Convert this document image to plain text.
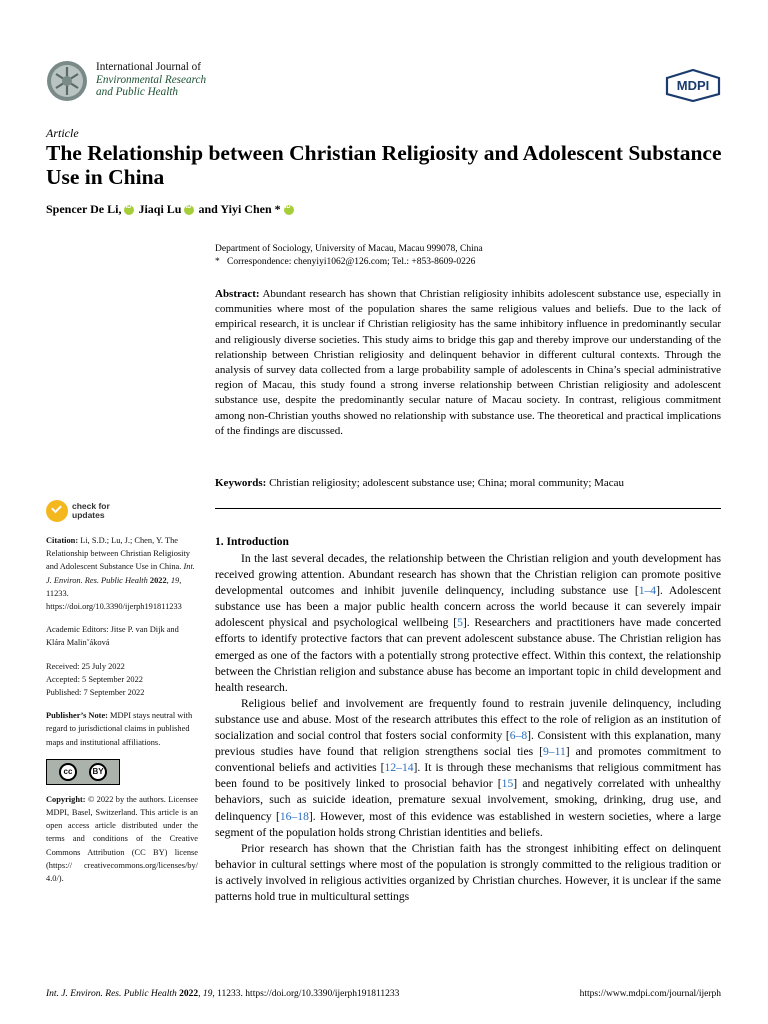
International Journal of
Environmental Research
and Public Health	MDPI
Article
The Relationship between Christian Religiosity and Adolescent Substance Use in China
Spencer De Li , iD Jiaqi Lu iD and Yiyi Chen *
iD
Department of Sociology, University of Macau, Macau 999078, China
* Correspondence: chenyiyi1062@126.com; Tel.: +853-8609-0226
Abstract: Abundant research has shown that Christian religiosity inhibits adolescent substance use, especially in communities where most of the population shares the same religious values and beliefs. Due to the lack of empirical research, it is unclear if Christian religiosity has the same inhibitory influence in predominantly secular and religiously diverse societies. This study aims to bridge this gap and thereby improve our understanding of the relationship between Christian religiosity and delinquent behavior in different cultural contexts. Through the analysis of survey data collected from a large probability sample of adolescents in China’s special administrative region of Macau, this study found a strong inverse relationship between Christian religiosity and adolescent substance use, despite the predominantly secular nature of Macau society. In contrast, religious commitment among non-Christian youths showed no relationship with substance use. The theoretical and practical implications of the findings are discussed.
Keywords: Christian religiosity; adolescent substance use; China; moral community; Macau
check for
updates
Citation: Li, S.D.; Lu, J.; Chen, Y. The Relationship between Christian Religiosity and Adolescent Substance Use in China. Int. J. Environ. Res. Public Health 2022, 19, 11233. https://doi.org/10.3390/ijerph191811233
Academic Editors: Jitse P. van Dijk and Klára Malinˇáková
Received: 25 July 2022
Accepted: 5 September 2022
Published: 7 September 2022
Publisher’s Note: MDPI stays neutral with regard to jurisdictional claims in published maps and institutional affiliations.
cc	BY
Copyright: © 2022 by the authors. Licensee MDPI, Basel, Switzerland. This article is an open access article distributed under the terms and conditions of the Creative Commons Attribution (CC BY) license (https:// creativecommons.org/licenses/by/ 4.0/).
1. Introduction

In the last several decades, the relationship between the Christian religion and youth development has received growing attention. Abundant research has shown that the Christian religion can promote positive developmental outcomes and inhibit juvenile delinquency, including substance use [1–4]. Adolescent substance use has been a major public health concern across the world because it can severely impair adolescent physical and psychological wellbeing [5]. Researchers and practitioners have made concerted efforts to identify protective factors that can prevent adolescent substance abuse. The Christian religion has emerged as one of the factors with a potentially strong protective effect. Within this context, the relationship between the Christian religion and substance abuse has become an important topic in child development and health research.

Religious belief and involvement are frequently found to restrain juvenile delinquency, including substance use and abuse. Most of the research attributes this effect to the role of religion as an institution of socialization and social control that fosters social conformity [6–8]. Consistent with this explanation, many previous studies have found that religion strengthens social ties [9–11] and promotes commitment to conventional beliefs and activities [12–14]. It is through these mechanisms that religious commitment has been found to be positively linked to prosocial behavior [15] and negatively correlated with unhealthy behaviors, such as suicide ideation, premature sexual involvement, smoking, drinking, drug use, and delinquency [16–18]. However, most of this evidence was established in western societies, where a large segment of the population holds strong Christian identities and beliefs.

Prior research has shown that the Christian faith has the strongest inhibiting effect on delinquent behavior in cultural settings where most of the population is strongly committed to the religious tradition or is actively involved in religious activities organized by Christian churches. However, it is unclear if the same patterns hold true in multicultural settings

Int. J. Environ. Res. Public Health 2022, 19, 11233. https://doi.org/10.3390/ijerph191811233	https://www.mdpi.com/journal/ijerph
